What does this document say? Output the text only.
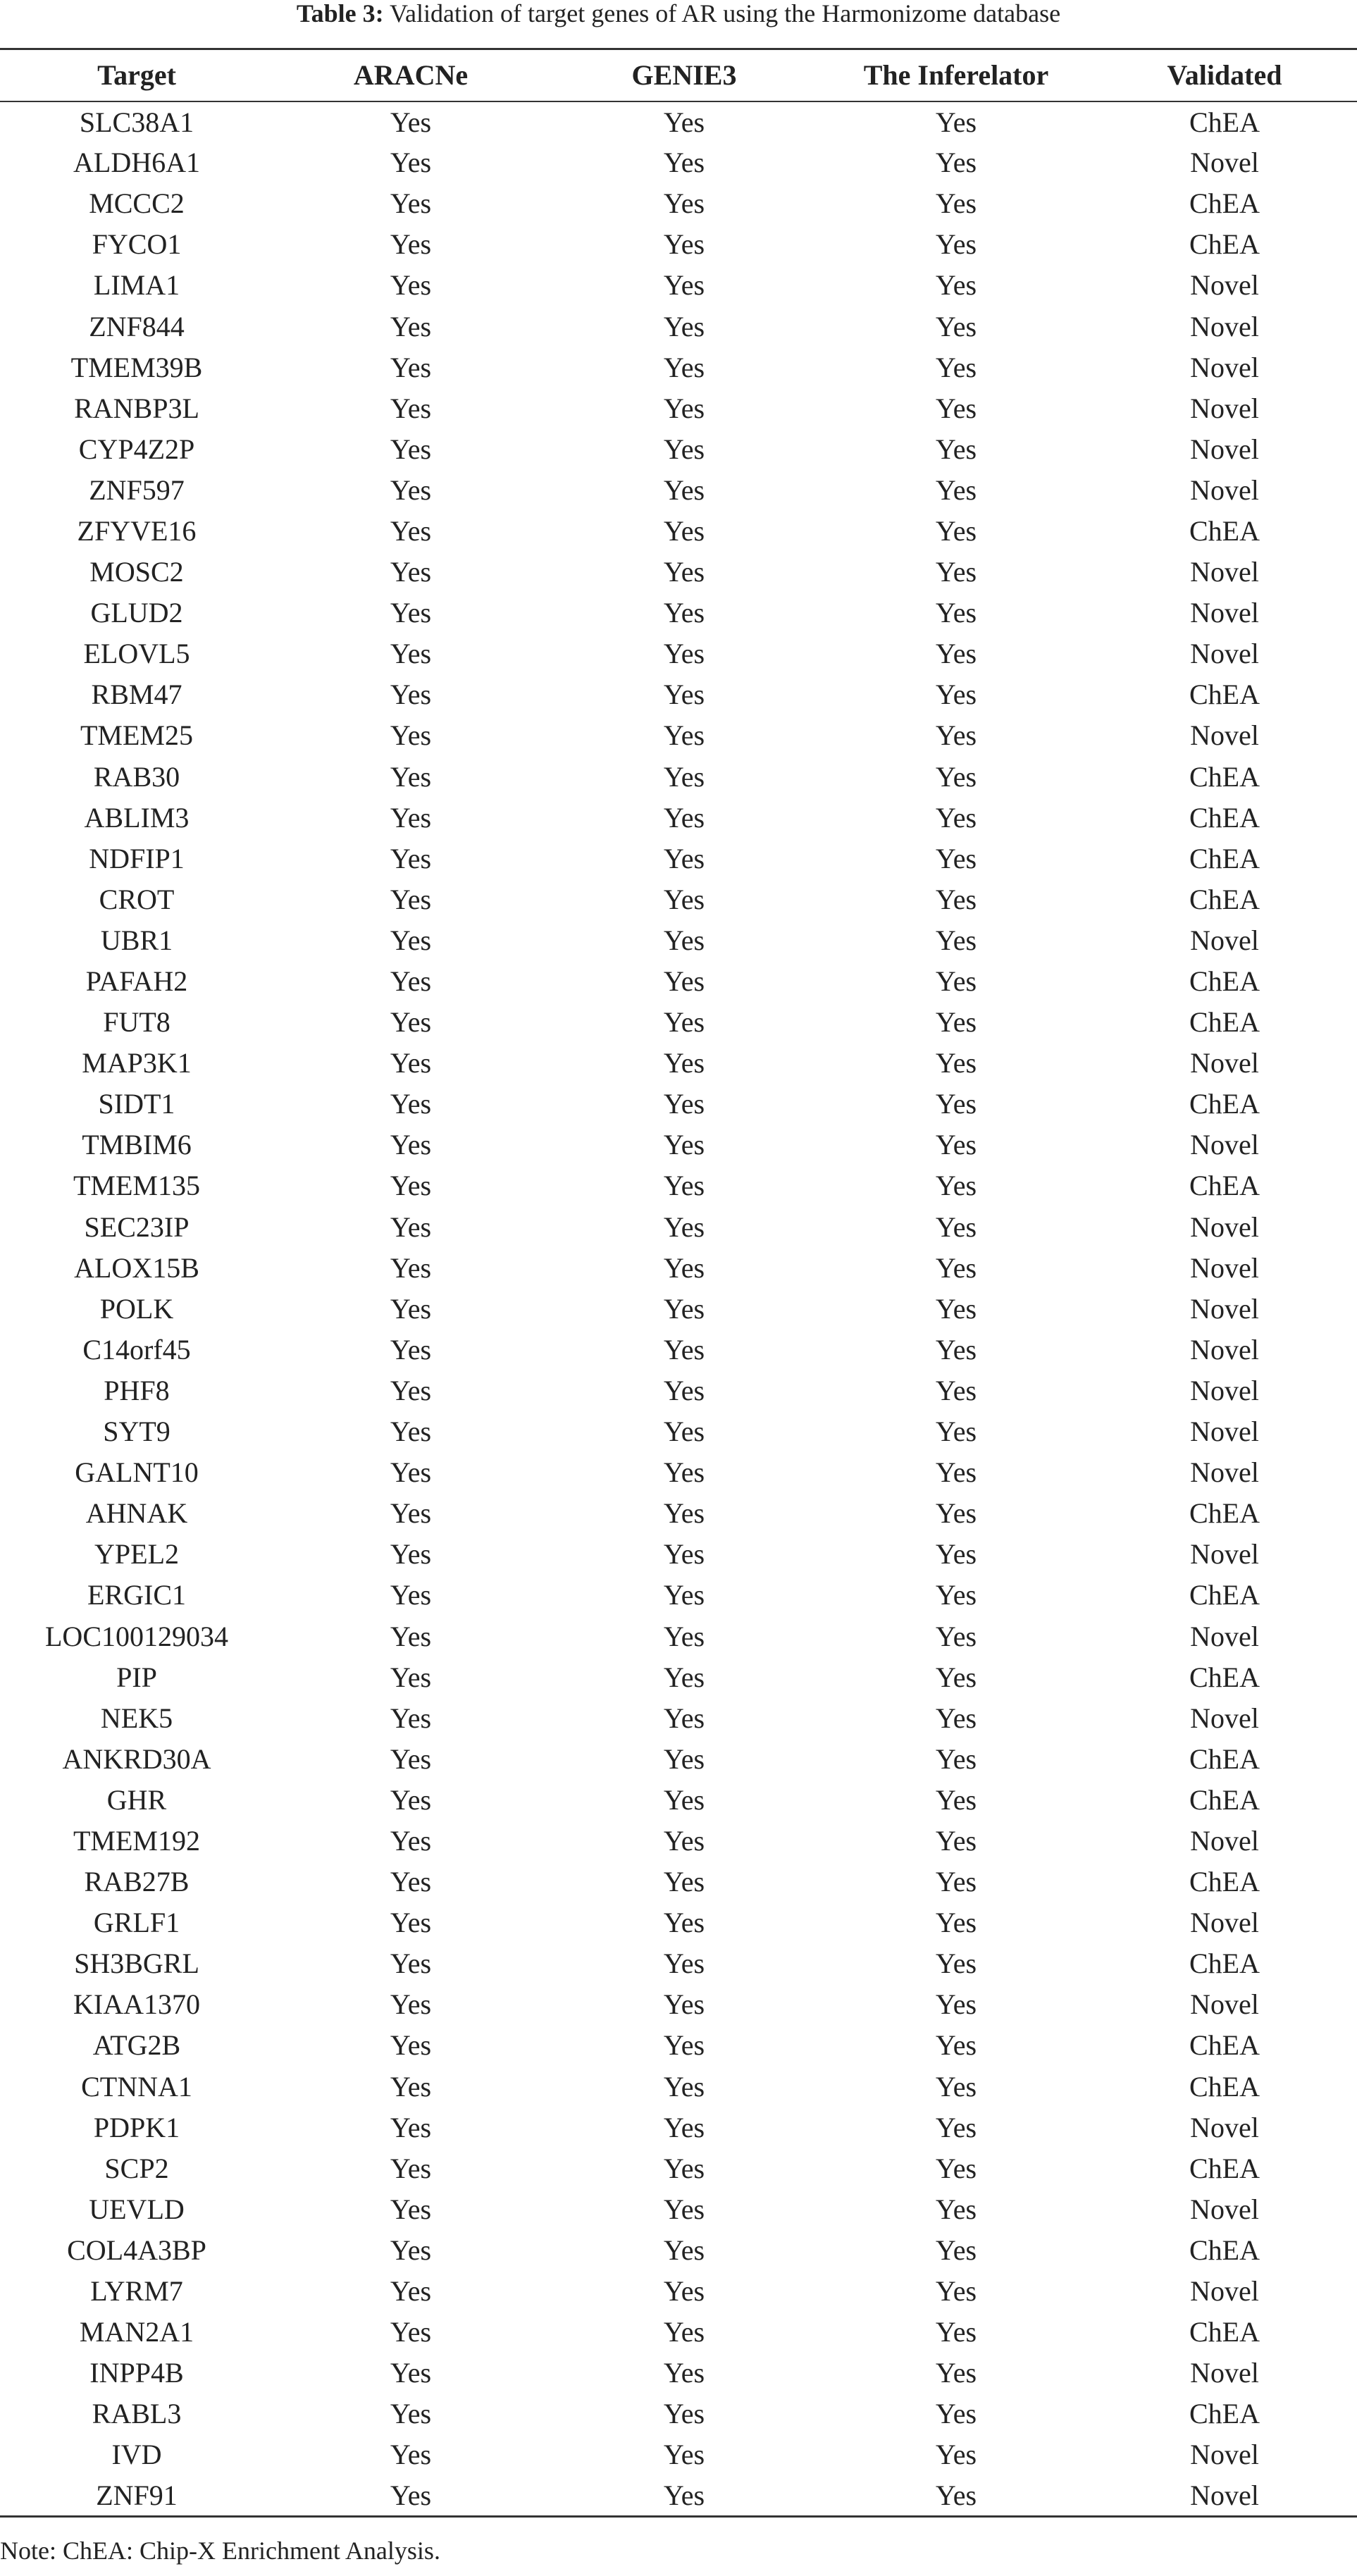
Table 3: Validation of target genes of AR using the Harmonizome database
Target	ARACNe	GENIE3	The Inferelator	Validated
SLC38A1	Yes	Yes	Yes	ChEA
ALDH6A1	Yes	Yes	Yes	Novel
MCCC2	Yes	Yes	Yes	ChEA
FYCO1	Yes	Yes	Yes	ChEA
LIMA1	Yes	Yes	Yes	Novel
ZNF844	Yes	Yes	Yes	Novel
TMEM39B	Yes	Yes	Yes	Novel
RANBP3L	Yes	Yes	Yes	Novel
CYP4Z2P	Yes	Yes	Yes	Novel
ZNF597	Yes	Yes	Yes	Novel
ZFYVE16	Yes	Yes	Yes	ChEA
MOSC2	Yes	Yes	Yes	Novel
GLUD2	Yes	Yes	Yes	Novel
ELOVL5	Yes	Yes	Yes	Novel
RBM47	Yes	Yes	Yes	ChEA
TMEM25	Yes	Yes	Yes	Novel
RAB30	Yes	Yes	Yes	ChEA
ABLIM3	Yes	Yes	Yes	ChEA
NDFIP1	Yes	Yes	Yes	ChEA
CROT	Yes	Yes	Yes	ChEA
UBR1	Yes	Yes	Yes	Novel
PAFAH2	Yes	Yes	Yes	ChEA
FUT8	Yes	Yes	Yes	ChEA
MAP3K1	Yes	Yes	Yes	Novel
SIDT1	Yes	Yes	Yes	ChEA
TMBIM6	Yes	Yes	Yes	Novel
TMEM135	Yes	Yes	Yes	ChEA
SEC23IP	Yes	Yes	Yes	Novel
ALOX15B	Yes	Yes	Yes	Novel
POLK	Yes	Yes	Yes	Novel
C14orf45	Yes	Yes	Yes	Novel
PHF8	Yes	Yes	Yes	Novel
SYT9	Yes	Yes	Yes	Novel
GALNT10	Yes	Yes	Yes	Novel
AHNAK	Yes	Yes	Yes	ChEA
YPEL2	Yes	Yes	Yes	Novel
ERGIC1	Yes	Yes	Yes	ChEA
LOC100129034	Yes	Yes	Yes	Novel
PIP	Yes	Yes	Yes	ChEA
NEK5	Yes	Yes	Yes	Novel
ANKRD30A	Yes	Yes	Yes	ChEA
GHR	Yes	Yes	Yes	ChEA
TMEM192	Yes	Yes	Yes	Novel
RAB27B	Yes	Yes	Yes	ChEA
GRLF1	Yes	Yes	Yes	Novel
SH3BGRL	Yes	Yes	Yes	ChEA
KIAA1370	Yes	Yes	Yes	Novel
ATG2B	Yes	Yes	Yes	ChEA
CTNNA1	Yes	Yes	Yes	ChEA
PDPK1	Yes	Yes	Yes	Novel
SCP2	Yes	Yes	Yes	ChEA
UEVLD	Yes	Yes	Yes	Novel
COL4A3BP	Yes	Yes	Yes	ChEA
LYRM7	Yes	Yes	Yes	Novel
MAN2A1	Yes	Yes	Yes	ChEA
INPP4B	Yes	Yes	Yes	Novel
RABL3	Yes	Yes	Yes	ChEA
IVD	Yes	Yes	Yes	Novel
ZNF91	Yes	Yes	Yes	Novel
Note: ChEA: Chip-X Enrichment Analysis.
